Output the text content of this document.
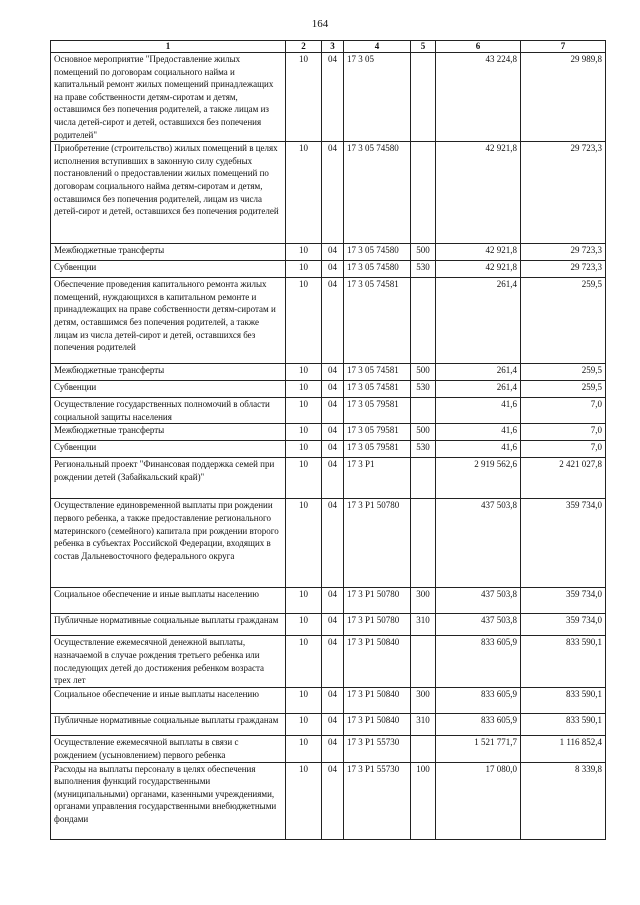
164
1	2	3	4	5	6	7
Основное мероприятие "Предоставление жилых помещений по договорам социального найма и капитальный ремонт жилых помещений принадлежащих на праве собственности детям-сиротам и детям, оставшимся без попечения родителей, а также лицам из числа детей-сирот и детей, оставшихся без попечения родителей"	10	04	17 3 05		43 224,8	29 989,8
Приобретение (строительство) жилых помещений в целях исполнения вступивших в законную силу судебных постановлений о предоставлении жилых помещений по договорам социального найма детям-сиротам и детям, оставшимся без попечения родителей, лицам из числа детей-сирот и детей, оставшихся без попечения родителей	10	04	17 3 05 74580		42 921,8	29 723,3
Межбюджетные трансферты	10	04	17 3 05 74580	500	42 921,8	29 723,3
Субвенции	10	04	17 3 05 74580	530	42 921,8	29 723,3
Обеспечение проведения капитального ремонта жилых помещений, нуждающихся в капитальном ремонте и принадлежащих на праве собственности детям-сиротам и детям, оставшимся без попечения родителей, а также лицам из числа детей-сирот и детей, оставшихся без попечения родителей	10	04	17 3 05 74581		261,4	259,5
Межбюджетные трансферты	10	04	17 3 05 74581	500	261,4	259,5
Субвенции	10	04	17 3 05 74581	530	261,4	259,5
Осуществление государственных полномочий в области социальной защиты населения	10	04	17 3 05 79581		41,6	7,0
Межбюджетные трансферты	10	04	17 3 05 79581	500	41,6	7,0
Субвенции	10	04	17 3 05 79581	530	41,6	7,0
Региональный проект "Финансовая поддержка семей при рождении детей (Забайкальский край)"	10	04	17 3 P1		2 919 562,6	2 421 027,8
Осуществление единовременной выплаты при рождении первого ребенка, а также предоставление регионального материнского (семейного) капитала при рождении второго ребенка в субъектах Российской Федерации, входящих в состав Дальневосточного федерального округа	10	04	17 3 P1 50780		437 503,8	359 734,0
Социальное обеспечение и иные выплаты населению	10	04	17 3 P1 50780	300	437 503,8	359 734,0
Публичные нормативные социальные выплаты гражданам	10	04	17 3 P1 50780	310	437 503,8	359 734,0
Осуществление ежемесячной денежной выплаты, назначаемой в случае рождения третьего ребенка или последующих детей до достижения ребенком возраста трех лет	10	04	17 3 P1 50840		833 605,9	833 590,1
Социальное обеспечение и иные выплаты населению	10	04	17 3 P1 50840	300	833 605,9	833 590,1
Публичные нормативные социальные выплаты гражданам	10	04	17 3 P1 50840	310	833 605,9	833 590,1
Осуществление ежемесячной выплаты в связи с рождением (усыновлением) первого ребенка	10	04	17 3 P1 55730		1 521 771,7	1 116 852,4
Расходы на выплаты персоналу в целях обеспечения выполнения функций государственными (муниципальными) органами, казенными учреждениями, органами управления государственными внебюджетными фондами	10	04	17 3 P1 55730	100	17 080,0	8 339,8
